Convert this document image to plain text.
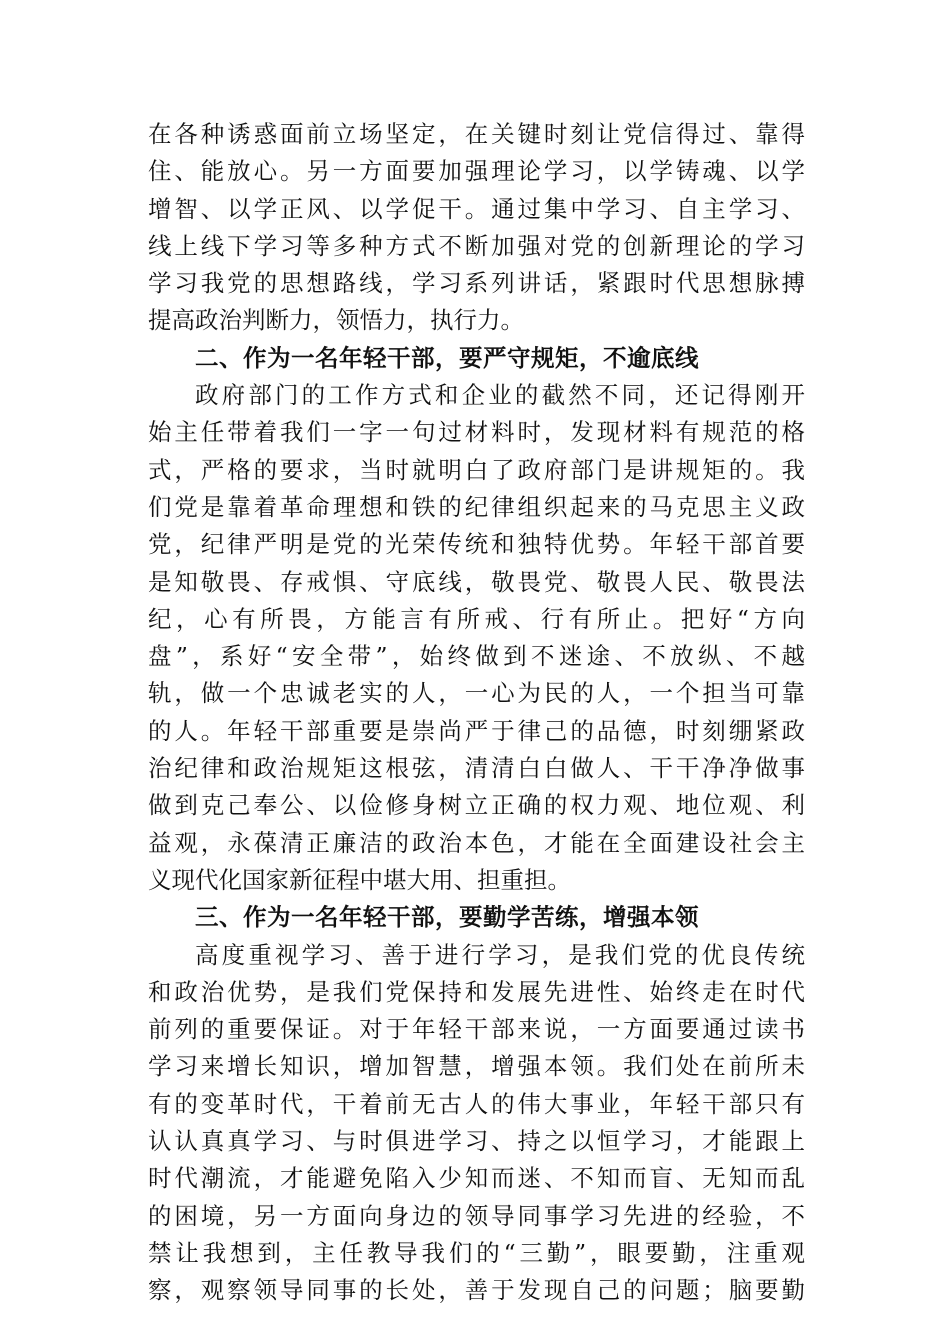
在各种诱惑面前立场坚定，在关键时刻让党信得过、靠得
住、能放心。另一方面要加强理论学习，以学铸魂、以学
增智、以学正风、以学促干。通过集中学习、自主学习、
线上线下学习等多种方式不断加强对党的创新理论的学习
学习我党的思想路线，学习系列讲话，紧跟时代思想脉搏
提高政治判断力，领悟力，执行力。
二、作为一名年轻干部，要严守规矩，不逾底线
政府部门的工作方式和企业的截然不同，还记得刚开
始主任带着我们一字一句过材料时，发现材料有规范的格
式，严格的要求，当时就明白了政府部门是讲规矩的。我
们党是靠着革命理想和铁的纪律组织起来的马克思主义政
党，纪律严明是党的光荣传统和独特优势。年轻干部首要
是知敬畏、存戒惧、守底线，敬畏党、敬畏人民、敬畏法
纪，心有所畏，方能言有所戒、行有所止。把好“方向
盘”，系好“安全带”，始终做到不迷途、不放纵、不越
轨，做一个忠诚老实的人，一心为民的人，一个担当可靠
的人。年轻干部重要是崇尚严于律己的品德，时刻绷紧政
治纪律和政治规矩这根弦，清清白白做人、干干净净做事
做到克己奉公、以俭修身树立正确的权力观、地位观、利
益观，永葆清正廉洁的政治本色，才能在全面建设社会主
义现代化国家新征程中堪大用、担重担。
三、作为一名年轻干部，要勤学苦练，增强本领
高度重视学习、善于进行学习，是我们党的优良传统
和政治优势，是我们党保持和发展先进性、始终走在时代
前列的重要保证。对于年轻干部来说，一方面要通过读书
学习来增长知识，增加智慧，增强本领。我们处在前所未
有的变革时代，干着前无古人的伟大事业，年轻干部只有
认认真真学习、与时俱进学习、持之以恒学习，才能跟上
时代潮流，才能避免陷入少知而迷、不知而盲、无知而乱
的困境，另一方面向身边的领导同事学习先进的经验，不
禁让我想到，主任教导我们的“三勤”，眼要勤，注重观
察，观察领导同事的长处，善于发现自己的问题；脑要勤
